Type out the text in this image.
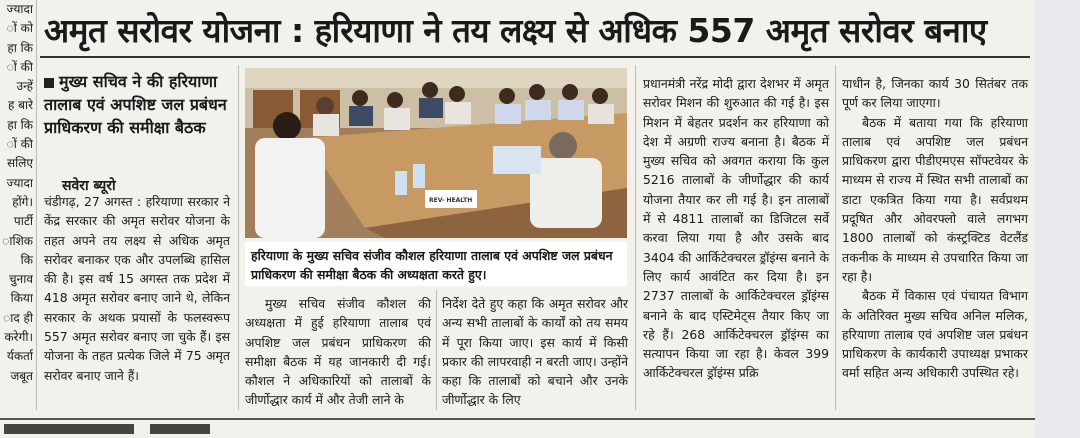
ज्यादा
ों को
हा कि
ों की
उन्हें
ह बारे
हा कि
ों की
सलिए
ज्यादा
होंगे।
पार्टी
ाशिक
कि
चुनाव
किया
ाद ही
करेगी।
र्यकर्ता
जबूत
अमृत सरोवर योजना : हरियाणा ने तय लक्ष्य से अधिक 557 अमृत सरोवर बनाए
मुख्य सचिव ने की हरियाणा तालाब एवं अपशिष्ट जल प्रबंधन प्राधिकरण की समीक्षा बैठक
सवेरा ब्यूरो

चंडीगढ़, 27 अगस्त : हरियाणा सरकार ने केंद्र सरकार की अमृत सरोवर योजना के तहत अपने तय लक्ष्य से अधिक अमृत सरोवर बनाकर एक और उपलब्धि हासिल की है। इस वर्ष 15 अगस्त तक प्रदेश में 418 अमृत सरोवर बनाए जाने थे, लेकिन सरकार के अथक प्रयासों के फलस्वरूप 557 अमृत सरोवर बनाए जा चुके हैं। इस योजना के तहत प्रत्येक जिले में 75 अमृत सरोवर बनाए जाने हैं।

REV- HEALTH
हरियाणा के मुख्य सचिव संजीव कौशल हरियाणा तालाब एवं अपशिष्ट जल प्रबंधन प्राधिकरण की समीक्षा बैठक की अध्यक्षता करते हुए।

मुख्य सचिव संजीव कौशल की अध्यक्षता में हुई हरियाणा तालाब एवं अपशिष्ट जल प्रबंधन प्राधिकरण की समीक्षा बैठक में यह जानकारी दी गई। कौशल ने अधिकारियों को तालाबों के जीर्णोद्धार कार्य में और तेजी लाने के

निर्देश देते हुए कहा कि अमृत सरोवर और अन्य सभी तालाबों के कार्यों को तय समय में पूरा किया जाए। इस कार्य में किसी प्रकार की लापरवाही न बरती जाए। उन्होंने कहा कि तालाबों को बचाने और उनके जीर्णोद्धार के लिए

प्रधानमंत्री नरेंद्र मोदी द्वारा देशभर में अमृत सरोवर मिशन की शुरुआत की गई है। इस मिशन में बेहतर प्रदर्शन कर हरियाणा को देश में अग्रणी राज्य बनाना है। बैठक में मुख्य सचिव को अवगत कराया कि कुल 5216 तालाबों के जीर्णोद्धार की कार्य योजना तैयार कर ली गई है। इन तालाबों में से 4811 तालाबों का डिजिटल सर्वे करवा लिया गया है और उसके बाद 3404 की आर्किटेक्चरल ड्रॉइंग्स बनाने के लिए कार्य आवंटित कर दिया है। इन 2737 तालाबों के आर्किटेक्चरल ड्रॉइंग्स बनाने के बाद एस्टिमेट्स तैयार किए जा रहे हैं। 268 आर्किटेक्चरल ड्रॉइंग्स का सत्यापन किया जा रहा है। केवल 399 आर्किटेक्चरल ड्रॉइंग्स प्रक्रि

याधीन है, जिनका कार्य 30 सितंबर तक पूर्ण कर लिया जाएगा।

बैठक में बताया गया कि हरियाणा तालाब एवं अपशिष्ट जल प्रबंधन प्राधिकरण द्वारा पीडीएमएस सॉफ्टवेयर के माध्यम से राज्य में स्थित सभी तालाबों का डाटा एकत्रित किया गया है। सर्वप्रथम प्रदूषित और ओवरफ्लो वाले लगभग 1800 तालाबों को कंस्ट्रक्टिड वेटलैंड तकनीक के माध्यम से उपचारित किया जा रहा है।

बैठक में विकास एवं पंचायत विभाग के अतिरिक्त मुख्य सचिव अनिल मलिक, हरियाणा तालाब एवं अपशिष्ट जल प्रबंधन प्राधिकरण के कार्यकारी उपाध्यक्ष प्रभाकर वर्मा सहित अन्य अधिकारी उपस्थित रहे।
